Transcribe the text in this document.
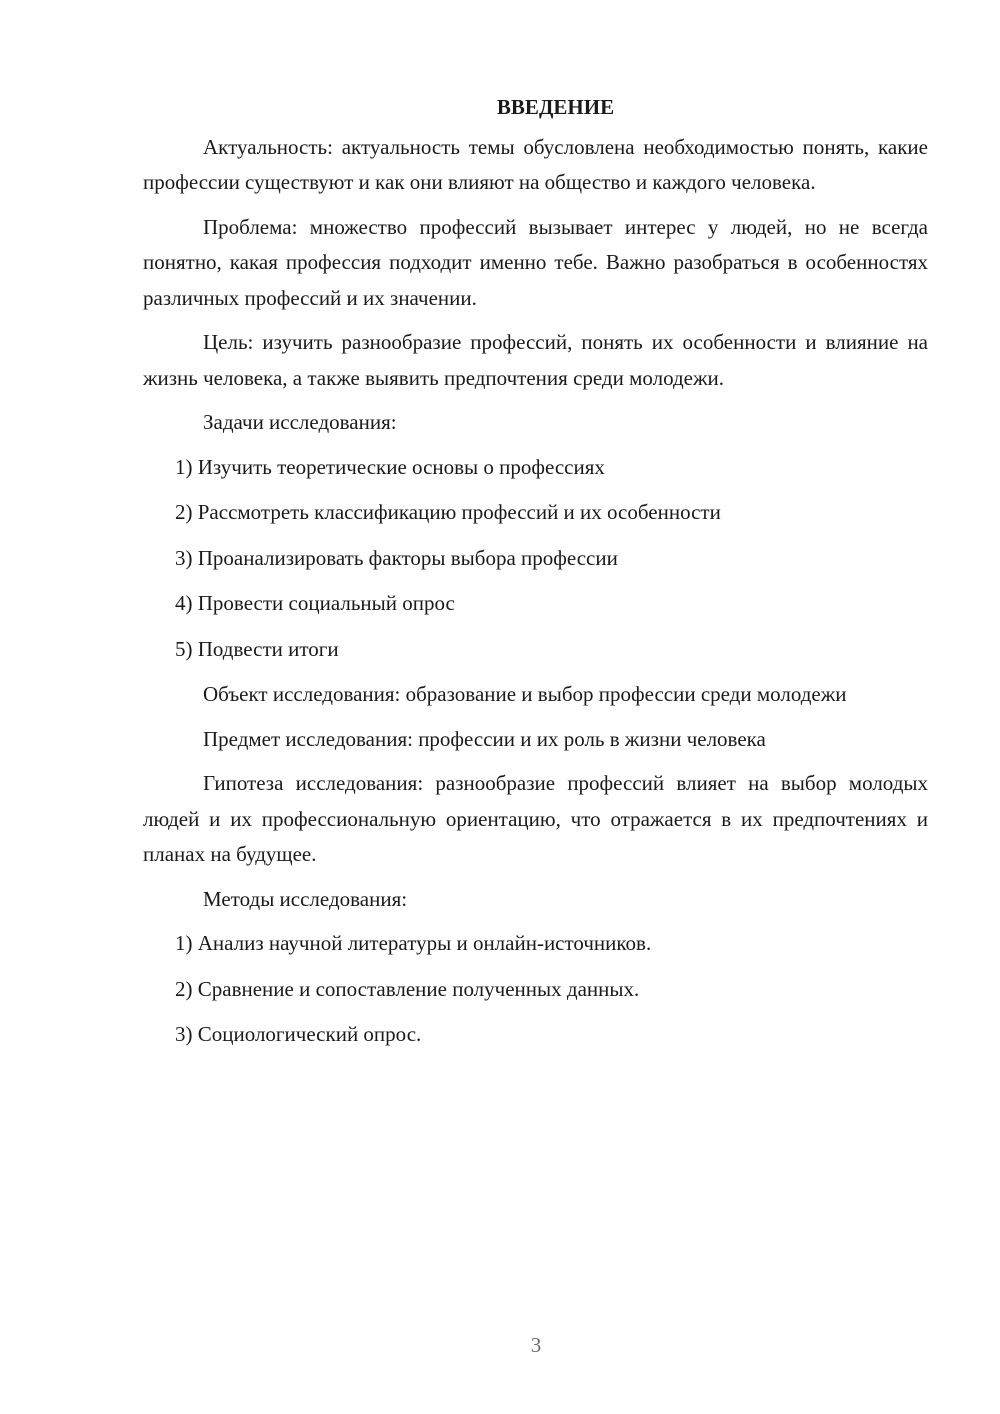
ВВЕДЕНИЕ

Актуальность: актуальность темы обусловлена необходимостью понять, какие профессии существуют и как они влияют на общество и каждого человека.

Проблема: множество профессий вызывает интерес у людей, но не всегда понятно, какая профессия подходит именно тебе. Важно разобраться в особенностях различных профессий и их значении.

Цель: изучить разнообразие профессий, понять их особенности и влияние на жизнь человека, а также выявить предпочтения среди молодежи.

Задачи исследования:

1) Изучить теоретические основы о профессиях
2) Рассмотреть классификацию профессий и их особенности
3) Проанализировать факторы выбора профессии
4) Провести социальный опрос
5) Подвести итоги

Объект исследования: образование и выбор профессии среди молодежи

Предмет исследования: профессии и их роль в жизни человека

Гипотеза исследования: разнообразие профессий влияет на выбор молодых людей и их профессиональную ориентацию, что отражается в их предпочтениях и планах на будущее.

Методы исследования:

1) Анализ научной литературы и онлайн-источников.
2) Сравнение и сопоставление полученных данных.
3) Социологический опрос.
3
